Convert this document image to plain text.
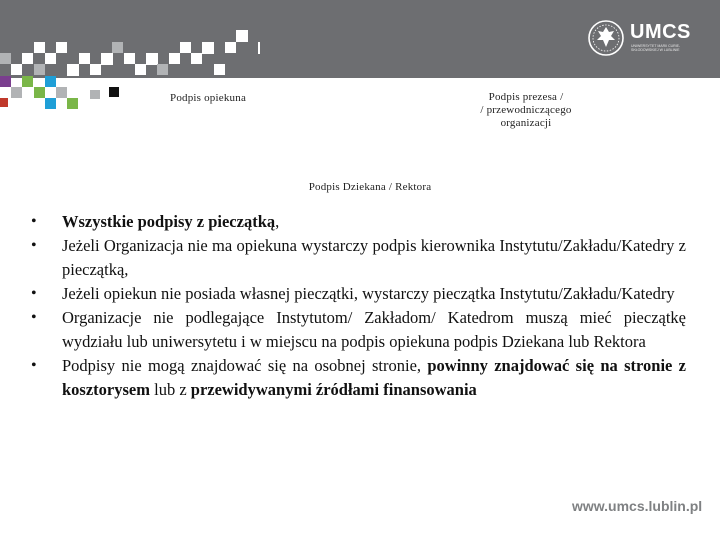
UMCS
UNIWERSYTET MARII CURIE-SKŁODOWSKIEJ W LUBLINIE
Podpis opiekuna	Podpis prezesa /
/ przewodniczącego
organizacji
Podpis Dziekana / Rektora
• Wszystkie podpisy z pieczątką,
• Jeżeli Organizacja nie ma opiekuna wystarczy podpis kierownika Instytutu/Zakładu/Katedry z pieczątką,
• Jeżeli opiekun nie posiada własnej pieczątki, wystarczy pieczątka Instytutu/Zakładu/Katedry
• Organizacje nie podlegające Instytutom/ Zakładom/ Katedrom muszą mieć pieczątkę wydziału lub uniwersytetu i w miejscu na podpis opiekuna podpis Dziekana lub Rektora
• Podpisy nie mogą znajdować się na osobnej stronie, powinny znajdować się na stronie z kosztorysem lub z przewidywanymi źródłami finansowania
www.umcs.lublin.pl
